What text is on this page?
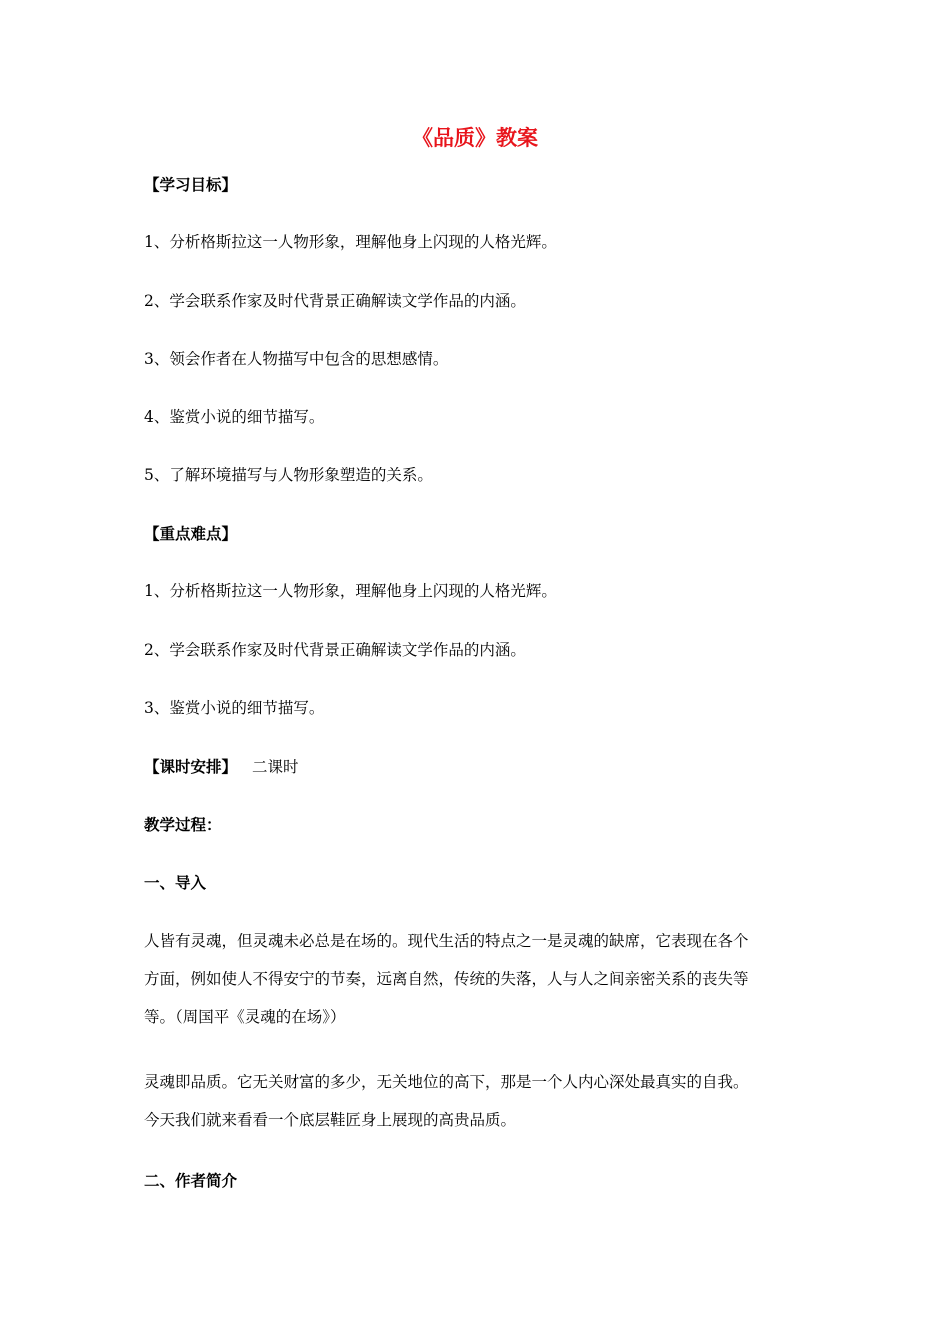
《品质》教案
【学习目标】
1、分析格斯拉这一人物形象，理解他身上闪现的人格光辉。
2、学会联系作家及时代背景正确解读文学作品的内涵。
3、领会作者在人物描写中包含的思想感情。
4、鉴赏小说的细节描写。
5、了解环境描写与人物形象塑造的关系。
【重点难点】
1、分析格斯拉这一人物形象，理解他身上闪现的人格光辉。
2、学会联系作家及时代背景正确解读文学作品的内涵。
3、鉴赏小说的细节描写。
【课时安排】 二课时
教学过程：
一、导入
人皆有灵魂，但灵魂未必总是在场的。现代生活的特点之一是灵魂的缺席，它表现在各个
方面，例如使人不得安宁的节奏，远离自然，传统的失落，人与人之间亲密关系的丧失等
等。（周国平《灵魂的在场》）
灵魂即品质。它无关财富的多少，无关地位的高下，那是一个人内心深处最真实的自我。
今天我们就来看看一个底层鞋匠身上展现的高贵品质。
二、作者简介
